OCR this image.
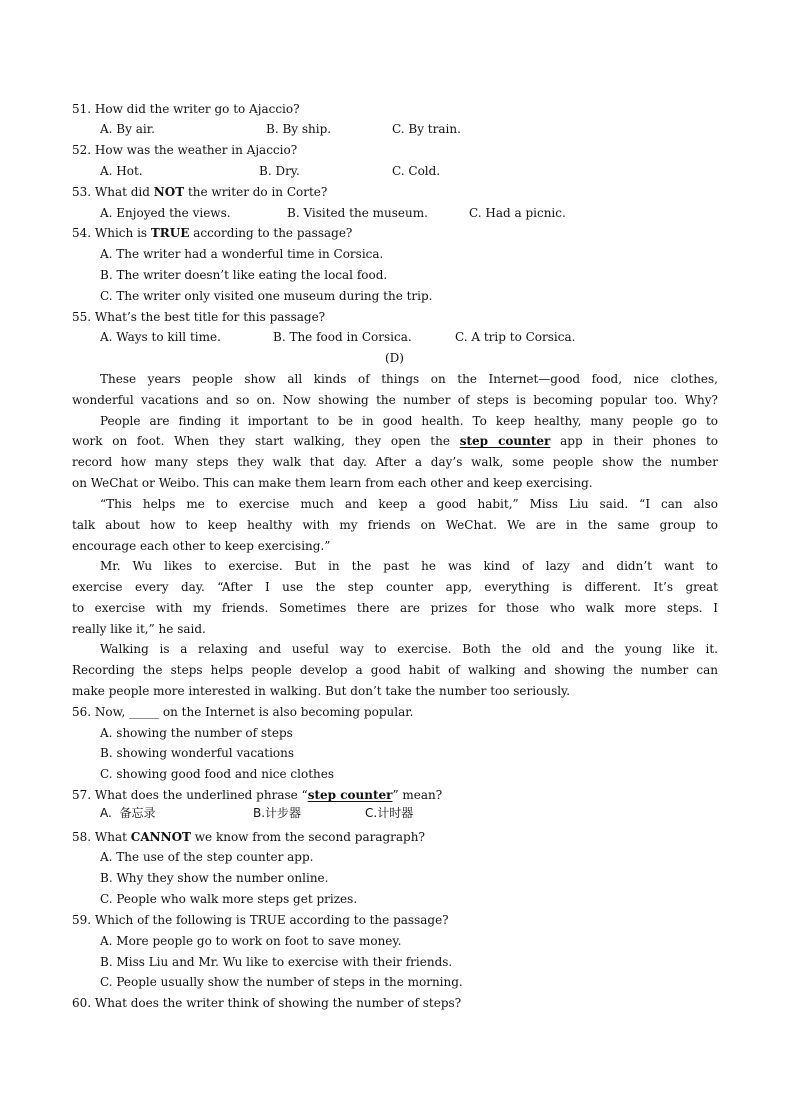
51. How did the writer go to Ajaccio?
A. By air.	B. By ship.	C. By train.
52. How was the weather in Ajaccio?
A. Hot.	B. Dry.	C. Cold.
53. What did NOT the writer do in Corte?
A. Enjoyed the views.	B. Visited the museum.	C. Had a picnic.
54. Which is TRUE according to the passage?
A. The writer had a wonderful time in Corsica.
B. The writer doesn’t like eating the local food.
C. The writer only visited one museum during the trip.
55. What’s the best title for this passage?
A. Ways to kill time.	B. The food in Corsica.	C. A trip to Corsica.
(D)
These years people show all kinds of things on the Internet—good food, nice clothes,
wonderful vacations and so on. Now showing the number of steps is becoming popular too. Why?
People are finding it important to be in good health. To keep healthy, many people go to
work on foot. When they start walking, they open the step counter app in their phones to
record how many steps they walk that day. After a day’s walk, some people show the number
on WeChat or Weibo. This can make them learn from each other and keep exercising.
“This helps me to exercise much and keep a good habit,” Miss Liu said. “I can also
talk about how to keep healthy with my friends on WeChat. We are in the same group to
encourage each other to keep exercising.”
Mr. Wu likes to exercise. But in the past he was kind of lazy and didn’t want to
exercise every day. “After I use the step counter app, everything is different. It’s great
to exercise with my friends. Sometimes there are prizes for those who walk more steps. I
really like it,” he said.
Walking is a relaxing and useful way to exercise. Both the old and the young like it.
Recording the steps helps people develop a good habit of walking and showing the number can
make people more interested in walking. But don’t take the number too seriously.
56. Now, _____ on the Internet is also becoming popular.
A. showing the number of steps
B. showing wonderful vacations
C. showing good food and nice clothes
57. What does the underlined phrase “step counter” mean?
A.  备忘录	B.计步器	C.计时器
58. What CANNOT we know from the second paragraph?
A. The use of the step counter app.
B. Why they show the number online.
C. People who walk more steps get prizes.
59. Which of the following is TRUE according to the passage?
A. More people go to work on foot to save money.
B. Miss Liu and Mr. Wu like to exercise with their friends.
C. People usually show the number of steps in the morning.
60. What does the writer think of showing the number of steps?
